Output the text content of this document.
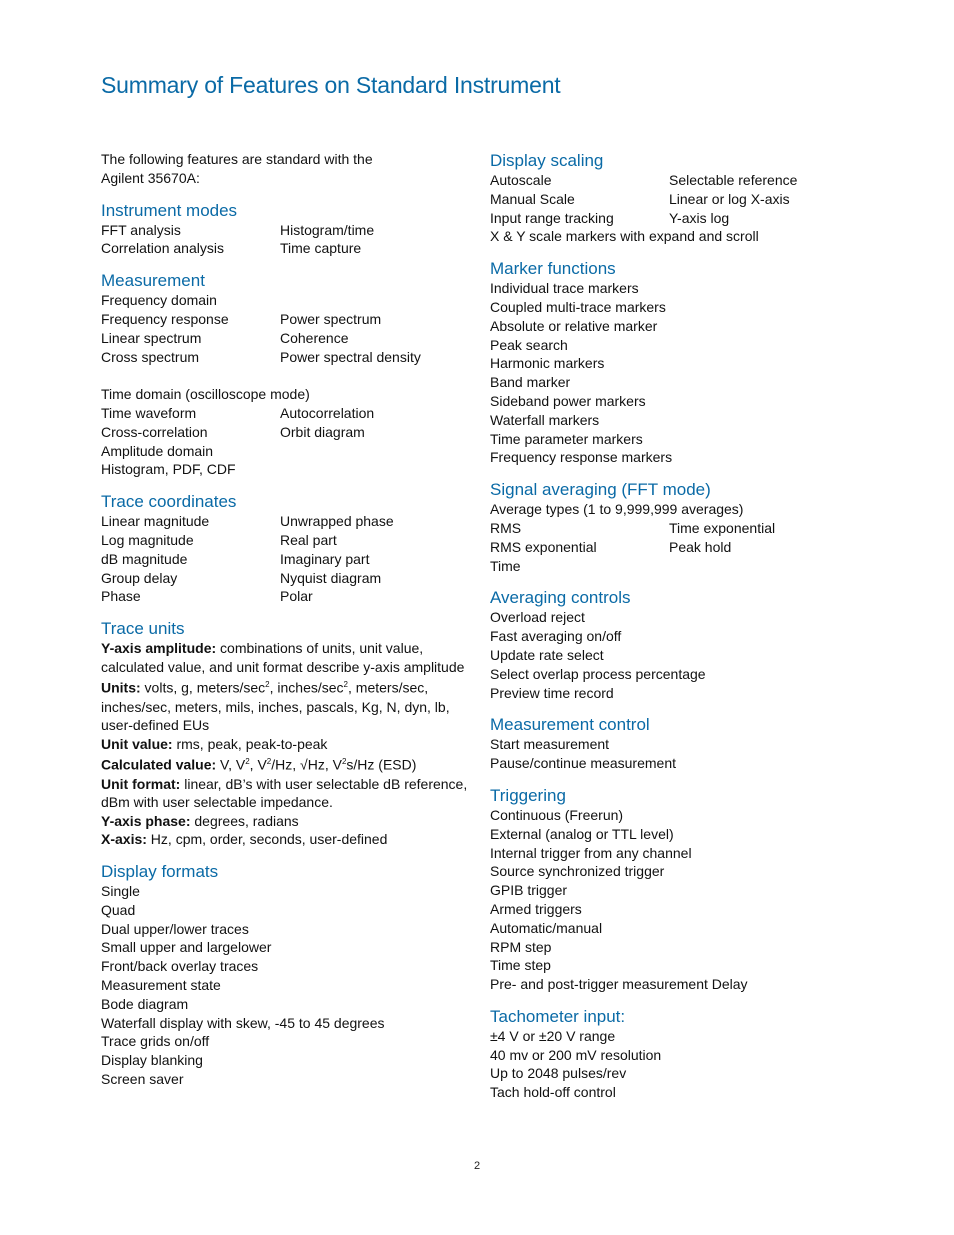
Summary of Features on Standard Instrument
The following features are standard with the Agilent 35670A:
Instrument modes
FFT analysis	Histogram/time
Correlation analysis	Time capture
Measurement
Frequency domain
Frequency response	Power spectrum
Linear spectrum	Coherence
Cross spectrum	Power spectral density
Time domain (oscilloscope mode)
Time waveform	Autocorrelation
Cross-correlation	Orbit diagram
Amplitude domain
Histogram, PDF, CDF
Trace coordinates
Linear magnitude	Unwrapped phase
Log magnitude	Real part
dB magnitude	Imaginary part
Group delay	Nyquist diagram
Phase	Polar
Trace units

Y-axis amplitude: combinations of units, unit value, calculated value, and unit format describe y-axis amplitude

Units: volts, g, meters/$\sec^2$, inches/$\sec^2$, meters/sec, inches/sec, meters, mils, inches, pascals, Kg, N, dyn, lb, user-defined EUs

Unit value: rms, peak, peak-to-peak

Calculated value: V, $V^2$, $V^2/Hz$, √Hz, $V^2s/Hz$ (ESD)

Unit format: linear, dB’s with user selectable dB reference, dBm with user selectable impedance.

Y-axis phase: degrees, radians

X-axis: Hz, cpm, order, seconds, user-defined

Display formats
Single
Quad
Dual upper/lower traces
Small upper and largelower
Front/back overlay traces
Measurement state
Bode diagram
Waterfall display with skew, -45 to 45 degrees
Trace grids on/off
Display blanking
Screen saver
Display scaling
Autoscale	Selectable reference
Manual Scale	Linear or log X-axis
Input range tracking	Y-axis log
X & Y scale markers with expand and scroll
Marker functions
Individual trace markers
Coupled multi-trace markers
Absolute or relative marker
Peak search
Harmonic markers
Band marker
Sideband power markers
Waterfall markers
Time parameter markers
Frequency response markers
Signal averaging (FFT mode)
Average types (1 to 9,999,999 averages)
RMS	Time exponential
RMS exponential	Peak hold
Time
Averaging controls
Overload reject
Fast averaging on/off
Update rate select
Select overlap process percentage
Preview time record
Measurement control
Start measurement
Pause/continue measurement
Triggering
Continuous (Freerun)
External (analog or TTL level)
Internal trigger from any channel
Source synchronized trigger
GPIB trigger
Armed triggers
Automatic/manual
RPM step
Time step
Pre- and post-trigger measurement Delay
Tachometer input:
±4 V or ±20 V range
40 mv or 200 mV resolution
Up to 2048 pulses/rev
Tach hold-off control
2
